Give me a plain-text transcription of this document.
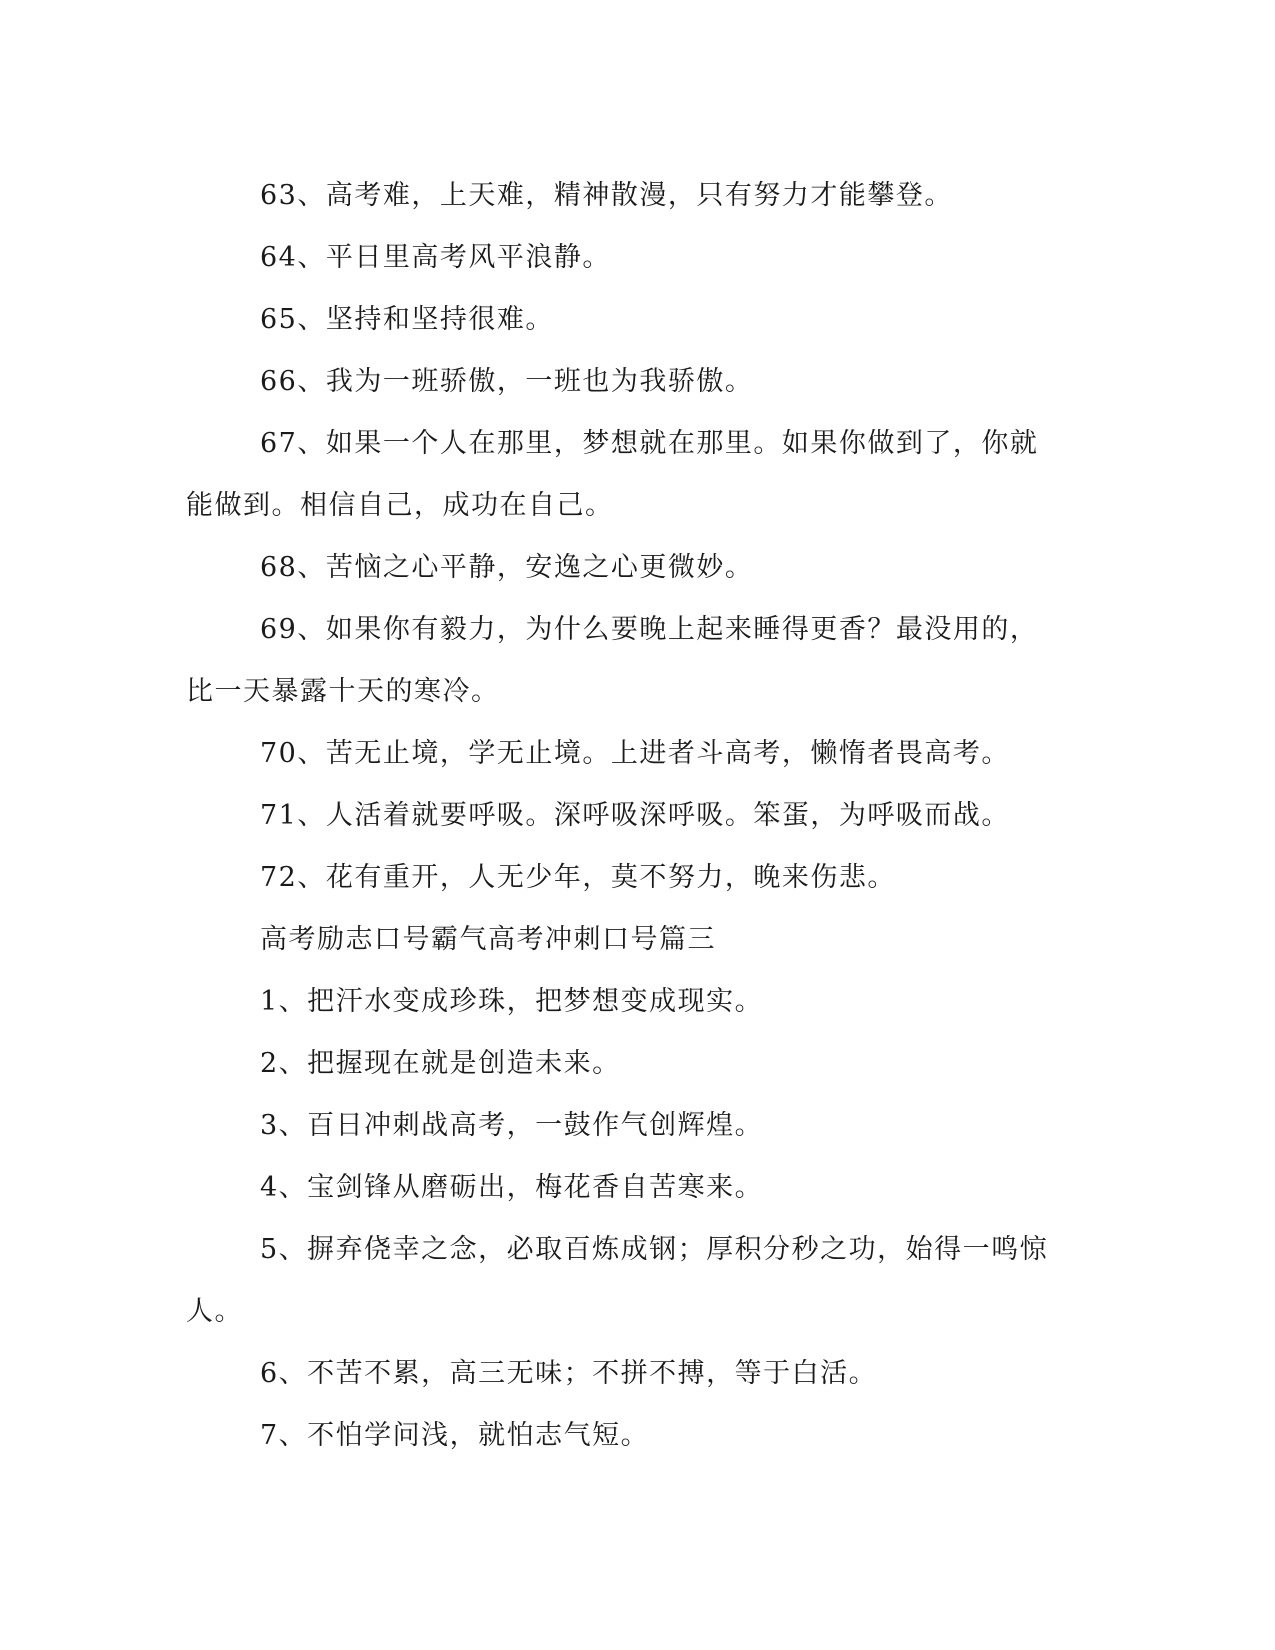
63、高考难，上天难，精神散漫，只有努力才能攀登。

64、平日里高考风平浪静。

65、坚持和坚持很难。

66、我为一班骄傲，一班也为我骄傲。

67、如果一个人在那里，梦想就在那里。如果你做到了，你就能做到。相信自己，成功在自己。

68、苦恼之心平静，安逸之心更微妙。

69、如果你有毅力，为什么要晚上起来睡得更香？最没用的，比一天暴露十天的寒冷。

70、苦无止境，学无止境。上进者斗高考，懒惰者畏高考。

71、人活着就要呼吸。深呼吸深呼吸。笨蛋，为呼吸而战。

72、花有重开，人无少年，莫不努力，晚来伤悲。

高考励志口号霸气高考冲刺口号篇三

1、把汗水变成珍珠，把梦想变成现实。

2、把握现在就是创造未来。

3、百日冲刺战高考，一鼓作气创辉煌。

4、宝剑锋从磨砺出，梅花香自苦寒来。

5、摒弃侥幸之念，必取百炼成钢；厚积分秒之功，始得一鸣惊人。

6、不苦不累，高三无味；不拼不搏，等于白活。

7、不怕学问浅，就怕志气短。
